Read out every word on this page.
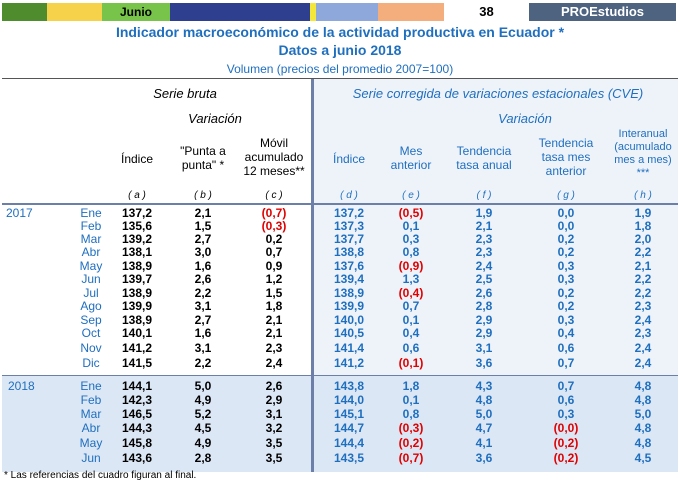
Junio	38	PROEstudios
Indicador macroeconómico de la actividad productiva en Ecuador *
Datos a junio 2018
Volumen (precios del promedio 2007=100)
Serie bruta	Serie corregida de variaciones estacionales (CVE)
Variación	Variación
Índice
"Punta a punta" *
Móvil acumulado 12 meses**
Índice
Mes anterior
Tendencia tasa anual
Tendencia tasa mes anterior
Interanual (acumulado mes a mes) ***
( a )	( b )	( c )	( d )	( e )	( f )	( g )	( h )
2017	Ene	137,2	2,1	(0,7)	137,2	(0,5)	1,9	0,0	1,9
Feb	135,6	1,5	(0,3)	137,3	0,1	2,1	0,0	1,8
Mar	139,2	2,7	0,2	137,7	0,3	2,3	0,2	2,0
Abr	138,1	3,0	0,7	138,8	0,8	2,3	0,2	2,2
May	138,9	1,6	0,9	137,6	(0,9)	2,4	0,3	2,1
Jun	139,7	2,6	1,2	139,4	1,3	2,5	0,3	2,2
Jul	138,9	2,2	1,5	138,9	(0,4)	2,6	0,2	2,2
Ago	139,9	3,1	1,8	139,9	0,7	2,8	0,2	2,3
Sep	138,9	2,7	2,1	140,0	0,1	2,9	0,3	2,4
Oct	140,1	1,6	2,1	140,5	0,4	2,9	0,4	2,3
Nov	141,2	3,1	2,3	141,4	0,6	3,1	0,6	2,4
Dic	141,5	2,2	2,4	141,2	(0,1)	3,6	0,7	2,4
2018	Ene	144,1	5,0	2,6	143,8	1,8	4,3	0,7	4,8
Feb	142,3	4,9	2,9	144,0	0,1	4,8	0,6	4,8
Mar	146,5	5,2	3,1	145,1	0,8	5,0	0,3	5,0
Abr	144,3	4,5	3,2	144,7	(0,3)	4,7	(0,0)	4,8
May	145,8	4,9	3,5	144,4	(0,2)	4,1	(0,2)	4,8
Jun	143,6	2,8	3,5	143,5	(0,7)	3,6	(0,2)	4,5
* Las referencias del cuadro figuran al final.
